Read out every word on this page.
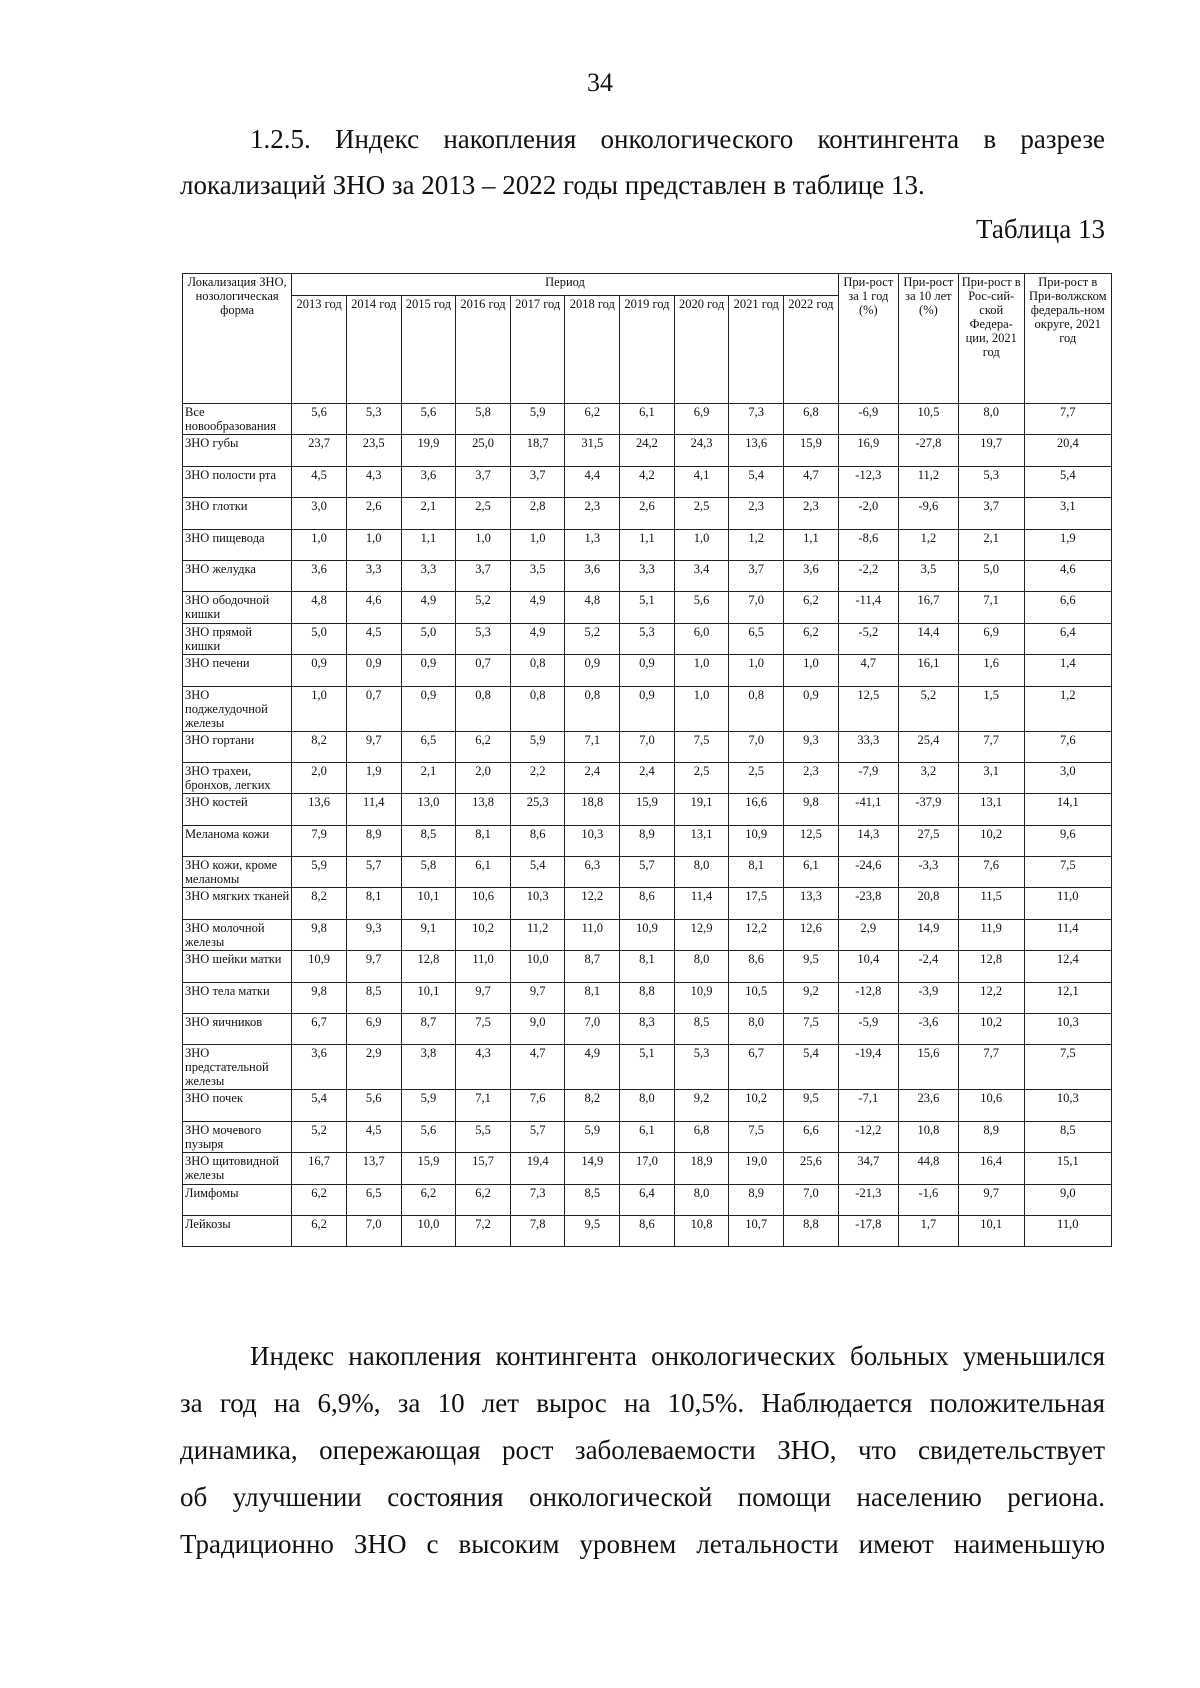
34
1.2.5. Индекс накопления онкологического контингента в разрезе
локализаций ЗНО за 2013 – 2022 годы представлен в таблице 13.
Таблица 13
Локализация ЗНО, нозологическая форма	Период										При-рост за 1 год (%)	При-рост за 10 лет (%)	При-рост в Рос-сий-ской Федера-ции, 2021 год	При-рост в При-волжском федераль-ном округе, 2021 год
	2013 год	2014 год	2015 год	2016 год	2017 год	2018 год	2019 год	2020 год	2021 год	2022 год				
Все новообразования	5,6	5,3	5,6	5,8	5,9	6,2	6,1	6,9	7,3	6,8	-6,9	10,5	8,0	7,7
ЗНО губы	23,7	23,5	19,9	25,0	18,7	31,5	24,2	24,3	13,6	15,9	16,9	-27,8	19,7	20,4
ЗНО полости рта	4,5	4,3	3,6	3,7	3,7	4,4	4,2	4,1	5,4	4,7	-12,3	11,2	5,3	5,4
ЗНО глотки	3,0	2,6	2,1	2,5	2,8	2,3	2,6	2,5	2,3	2,3	-2,0	-9,6	3,7	3,1
ЗНО пищевода	1,0	1,0	1,1	1,0	1,0	1,3	1,1	1,0	1,2	1,1	-8,6	1,2	2,1	1,9
ЗНО желудка	3,6	3,3	3,3	3,7	3,5	3,6	3,3	3,4	3,7	3,6	-2,2	3,5	5,0	4,6
ЗНО ободочной кишки	4,8	4,6	4,9	5,2	4,9	4,8	5,1	5,6	7,0	6,2	-11,4	16,7	7,1	6,6
ЗНО прямой кишки	5,0	4,5	5,0	5,3	4,9	5,2	5,3	6,0	6,5	6,2	-5,2	14,4	6,9	6,4
ЗНО печени	0,9	0,9	0,9	0,7	0,8	0,9	0,9	1,0	1,0	1,0	4,7	16,1	1,6	1,4
ЗНО поджелудочной железы	1,0	0,7	0,9	0,8	0,8	0,8	0,9	1,0	0,8	0,9	12,5	5,2	1,5	1,2
ЗНО гортани	8,2	9,7	6,5	6,2	5,9	7,1	7,0	7,5	7,0	9,3	33,3	25,4	7,7	7,6
ЗНО трахеи, бронхов, легких	2,0	1,9	2,1	2,0	2,2	2,4	2,4	2,5	2,5	2,3	-7,9	3,2	3,1	3,0
ЗНО костей	13,6	11,4	13,0	13,8	25,3	18,8	15,9	19,1	16,6	9,8	-41,1	-37,9	13,1	14,1
Меланома кожи	7,9	8,9	8,5	8,1	8,6	10,3	8,9	13,1	10,9	12,5	14,3	27,5	10,2	9,6
ЗНО кожи, кроме меланомы	5,9	5,7	5,8	6,1	5,4	6,3	5,7	8,0	8,1	6,1	-24,6	-3,3	7,6	7,5
ЗНО мягких тканей	8,2	8,1	10,1	10,6	10,3	12,2	8,6	11,4	17,5	13,3	-23,8	20,8	11,5	11,0
ЗНО молочной железы	9,8	9,3	9,1	10,2	11,2	11,0	10,9	12,9	12,2	12,6	2,9	14,9	11,9	11,4
ЗНО шейки матки	10,9	9,7	12,8	11,0	10,0	8,7	8,1	8,0	8,6	9,5	10,4	-2,4	12,8	12,4
ЗНО тела матки	9,8	8,5	10,1	9,7	9,7	8,1	8,8	10,9	10,5	9,2	-12,8	-3,9	12,2	12,1
ЗНО яичников	6,7	6,9	8,7	7,5	9,0	7,0	8,3	8,5	8,0	7,5	-5,9	-3,6	10,2	10,3
ЗНО предстательной железы	3,6	2,9	3,8	4,3	4,7	4,9	5,1	5,3	6,7	5,4	-19,4	15,6	7,7	7,5
ЗНО почек	5,4	5,6	5,9	7,1	7,6	8,2	8,0	9,2	10,2	9,5	-7,1	23,6	10,6	10,3
ЗНО мочевого пузыря	5,2	4,5	5,6	5,5	5,7	5,9	6,1	6,8	7,5	6,6	-12,2	10,8	8,9	8,5
ЗНО щитовидной железы	16,7	13,7	15,9	15,7	19,4	14,9	17,0	18,9	19,0	25,6	34,7	44,8	16,4	15,1
Лимфомы	6,2	6,5	6,2	6,2	7,3	8,5	6,4	8,0	8,9	7,0	-21,3	-1,6	9,7	9,0
Лейкозы	6,2	7,0	10,0	7,2	7,8	9,5	8,6	10,8	10,7	8,8	-17,8	1,7	10,1	11,0
Индекс накопления контингента онкологических больных уменьшился
за год на 6,9%, за 10 лет вырос на 10,5%. Наблюдается положительная
динамика, опережающая рост заболеваемости ЗНО, что свидетельствует
об улучшении состояния онкологической помощи населению региона.
Традиционно ЗНО с высоким уровнем летальности имеют наименьшую
